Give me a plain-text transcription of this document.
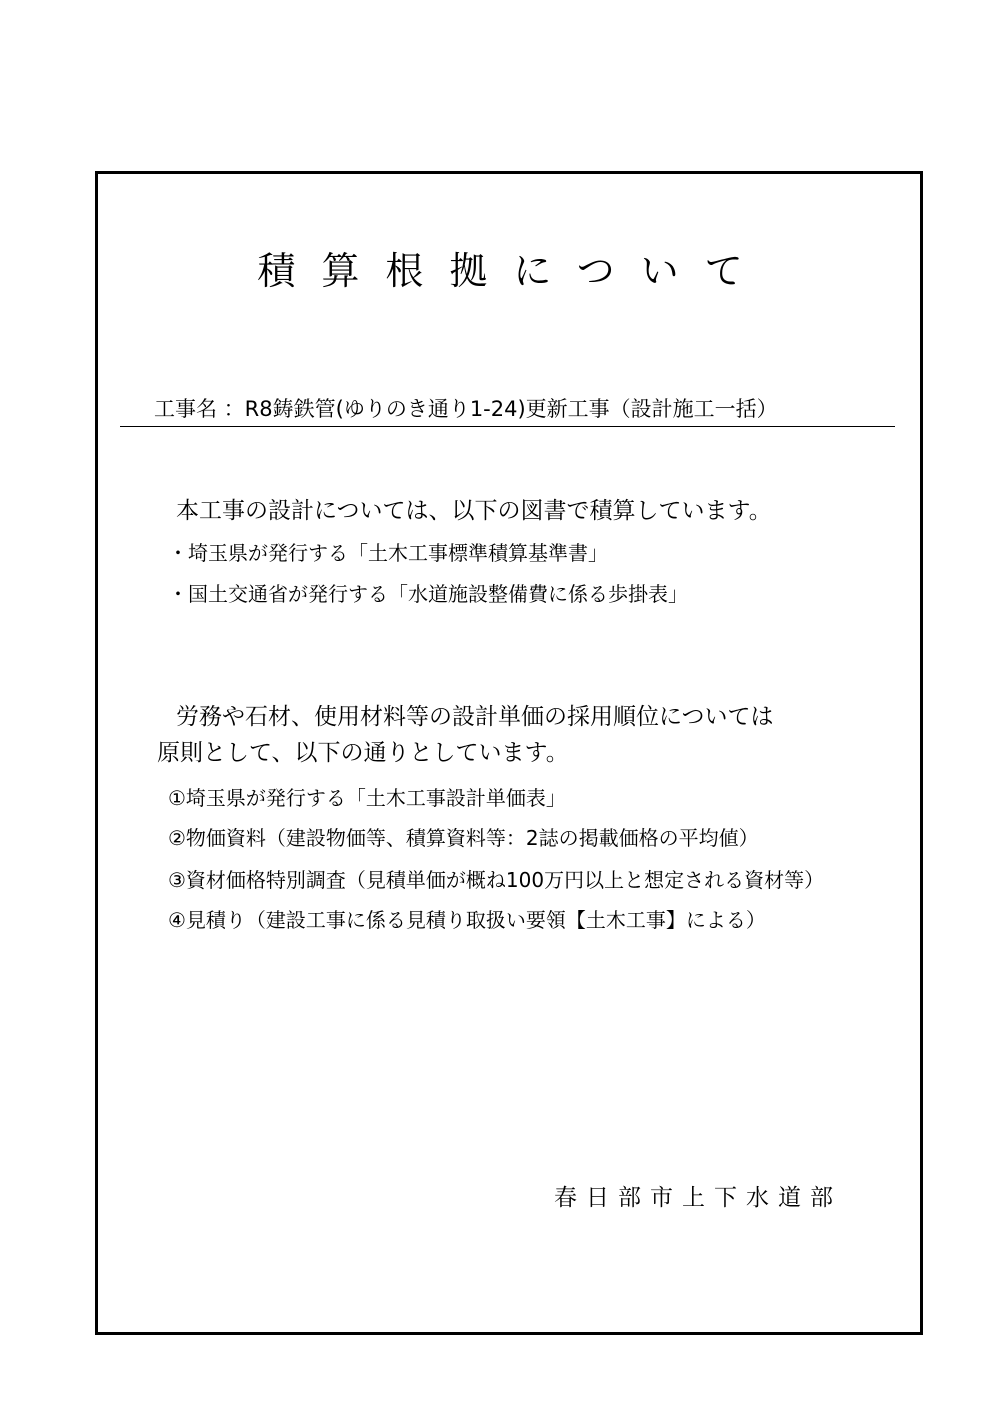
積算根拠について
工事名 ：R8鋳鉄管(ゆりのき通り1-24)更新工事（設計施工一括）
本工事の設計については、以下の図書で積算しています。
・埼玉県が発行する「土木工事標準積算基準書」
・国土交通省が発行する「水道施設整備費に係る歩掛表」
労務や石材、使用材料等の設計単価の採用順位については
原則として、以下の通りとしています。
①埼玉県が発行する「土木工事設計単価表」
②物価資料（建設物価等、積算資料等：2誌の掲載価格の平均値）
③資材価格特別調査（見積単価が概ね100万円以上と想定される資材等）
④見積り（建設工事に係る見積り取扱い要領【土木工事】による）
春日部市上下水道部
